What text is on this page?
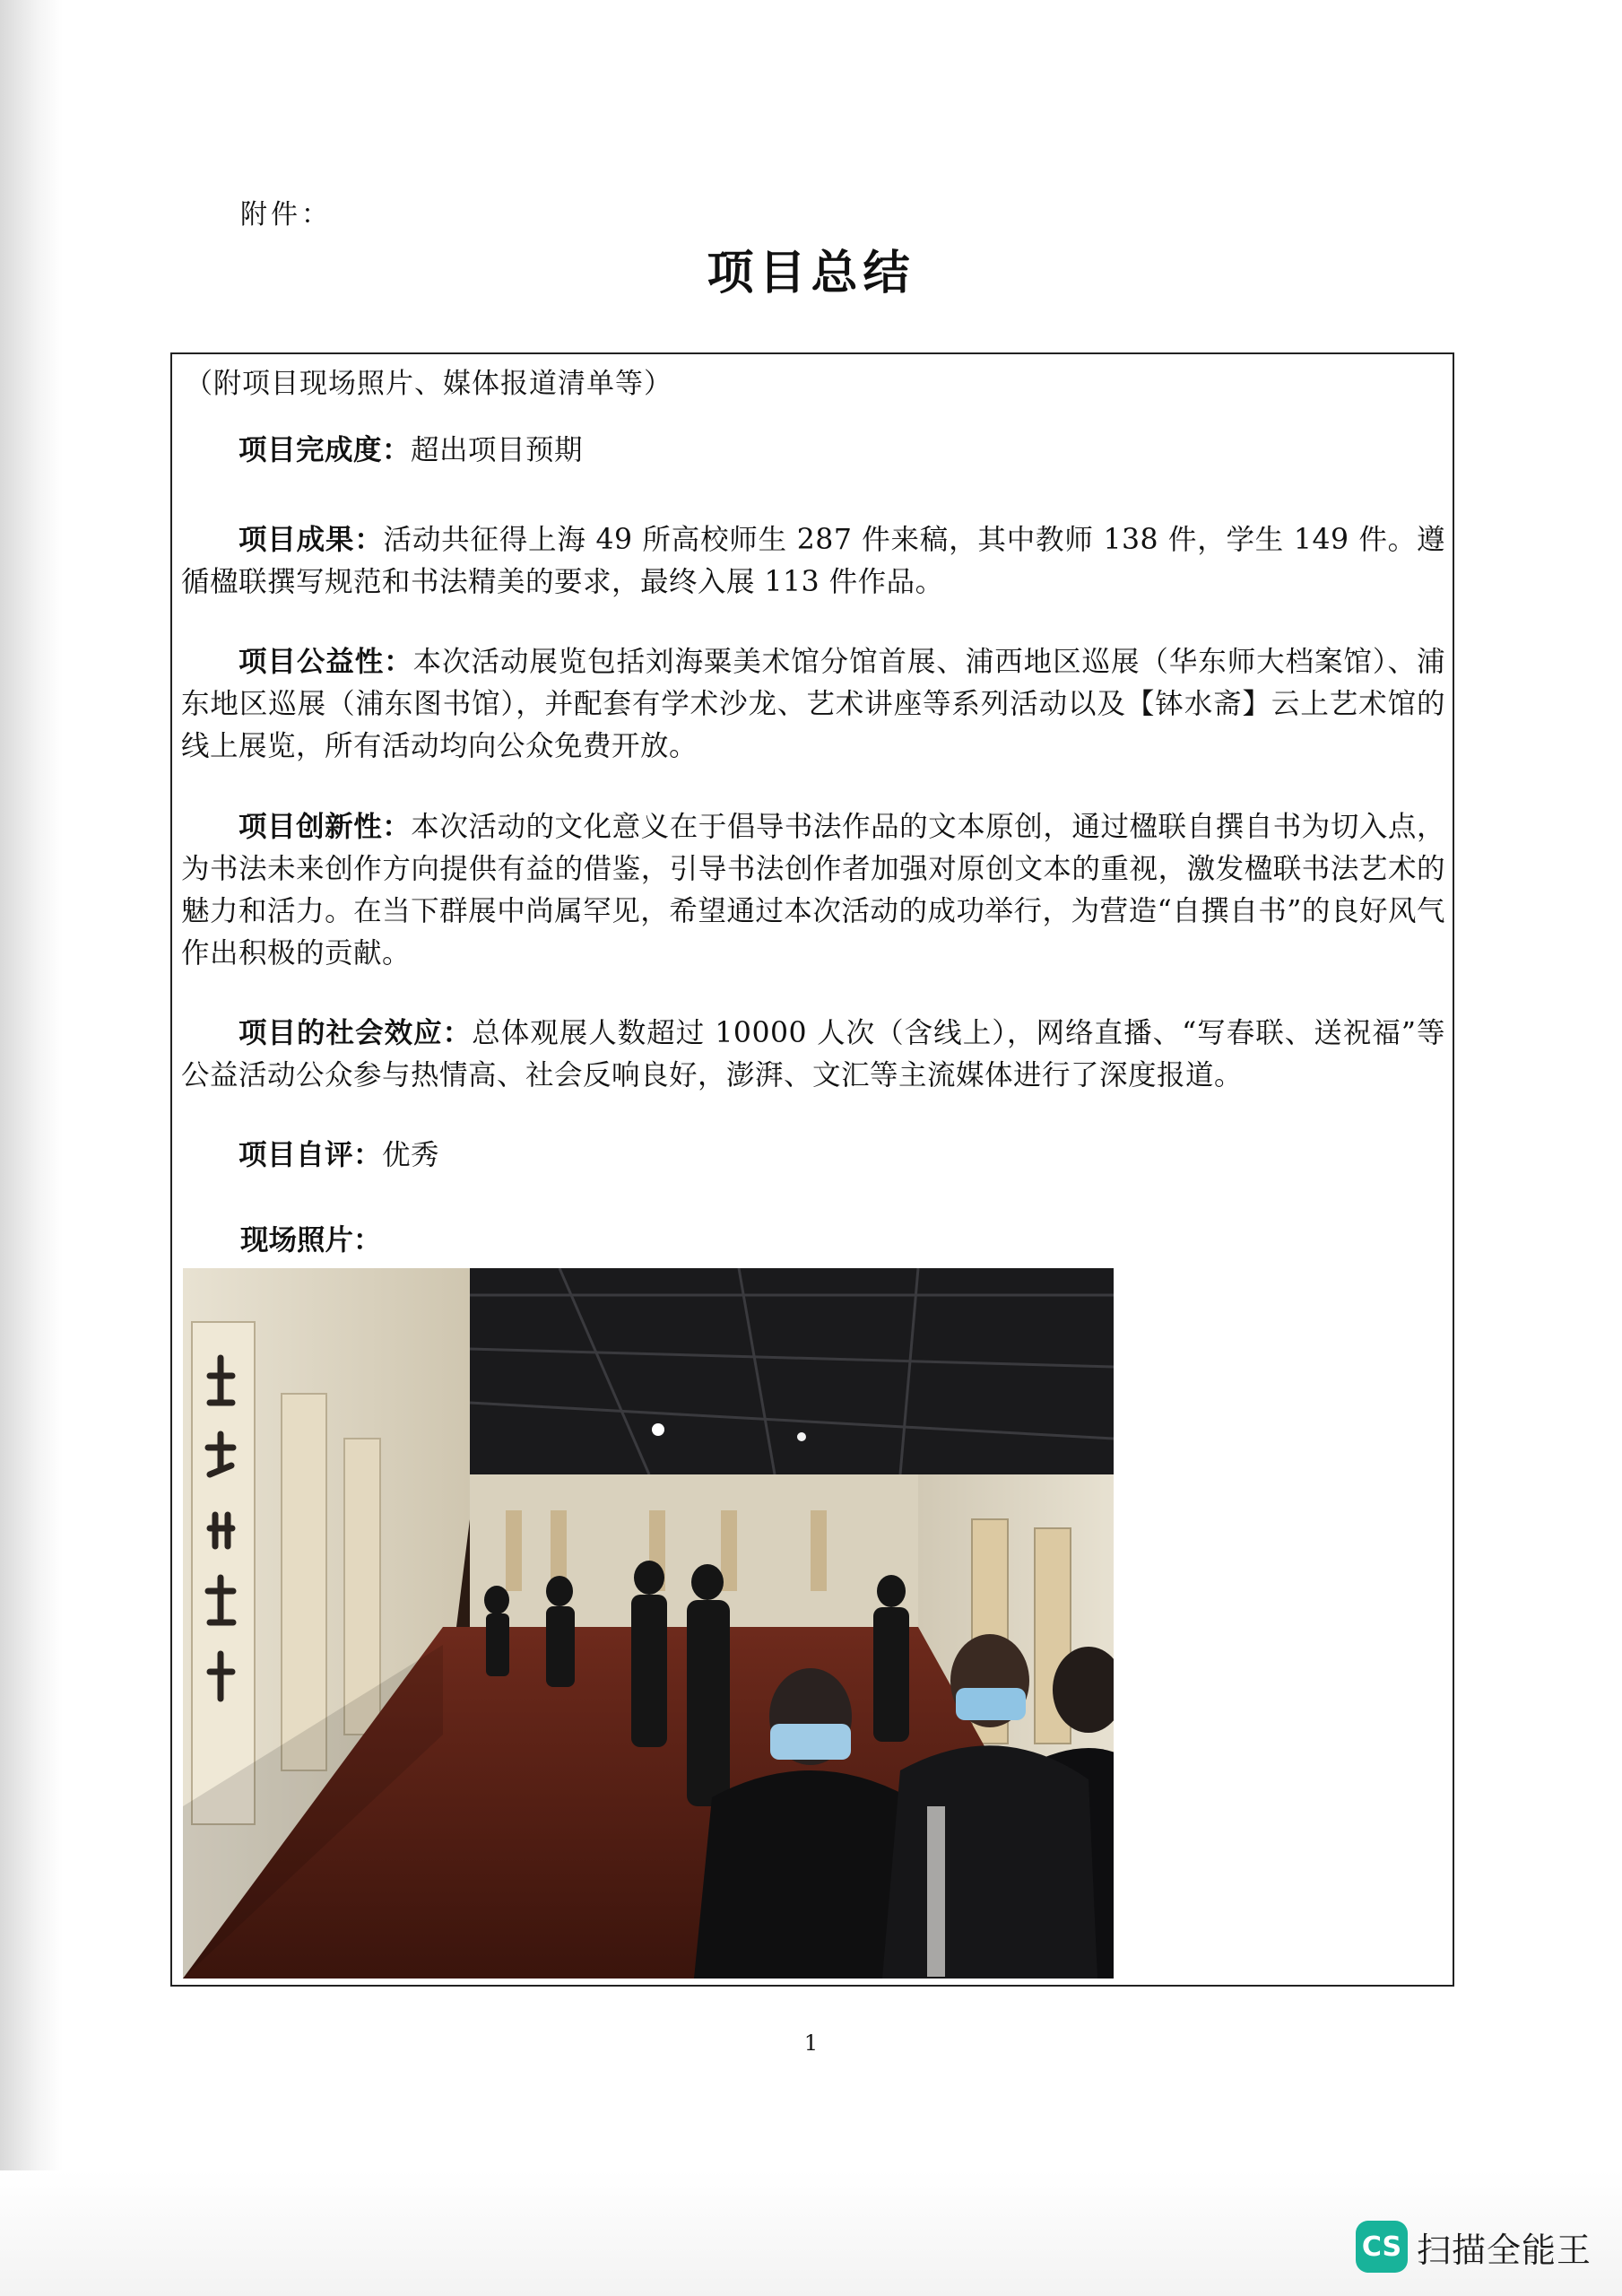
附件：
项目总结
（附项目现场照片、媒体报道清单等）

项目完成度：超出项目预期

项目成果：活动共征得上海 49 所高校师生 287 件来稿，其中教师 138 件，学生 149 件。遵循楹联撰写规范和书法精美的要求，最终入展 113 件作品。

项目公益性：本次活动展览包括刘海粟美术馆分馆首展、浦西地区巡展（华东师大档案馆）、浦东地区巡展（浦东图书馆），并配套有学术沙龙、艺术讲座等系列活动以及【钵水斋】云上艺术馆的线上展览，所有活动均向公众免费开放。

项目创新性：本次活动的文化意义在于倡导书法作品的文本原创，通过楹联自撰自书为切入点，为书法未来创作方向提供有益的借鉴，引导书法创作者加强对原创文本的重视，激发楹联书法艺术的魅力和活力。在当下群展中尚属罕见，希望通过本次活动的成功举行，为营造“自撰自书”的良好风气作出积极的贡献。

项目的社会效应：总体观展人数超过 10000 人次（含线上），网络直播、“写春联、送祝福”等公益活动公众参与热情高、社会反响良好，澎湃、文汇等主流媒体进行了深度报道。

项目自评：优秀

现场照片：
1
CS 扫描全能王
